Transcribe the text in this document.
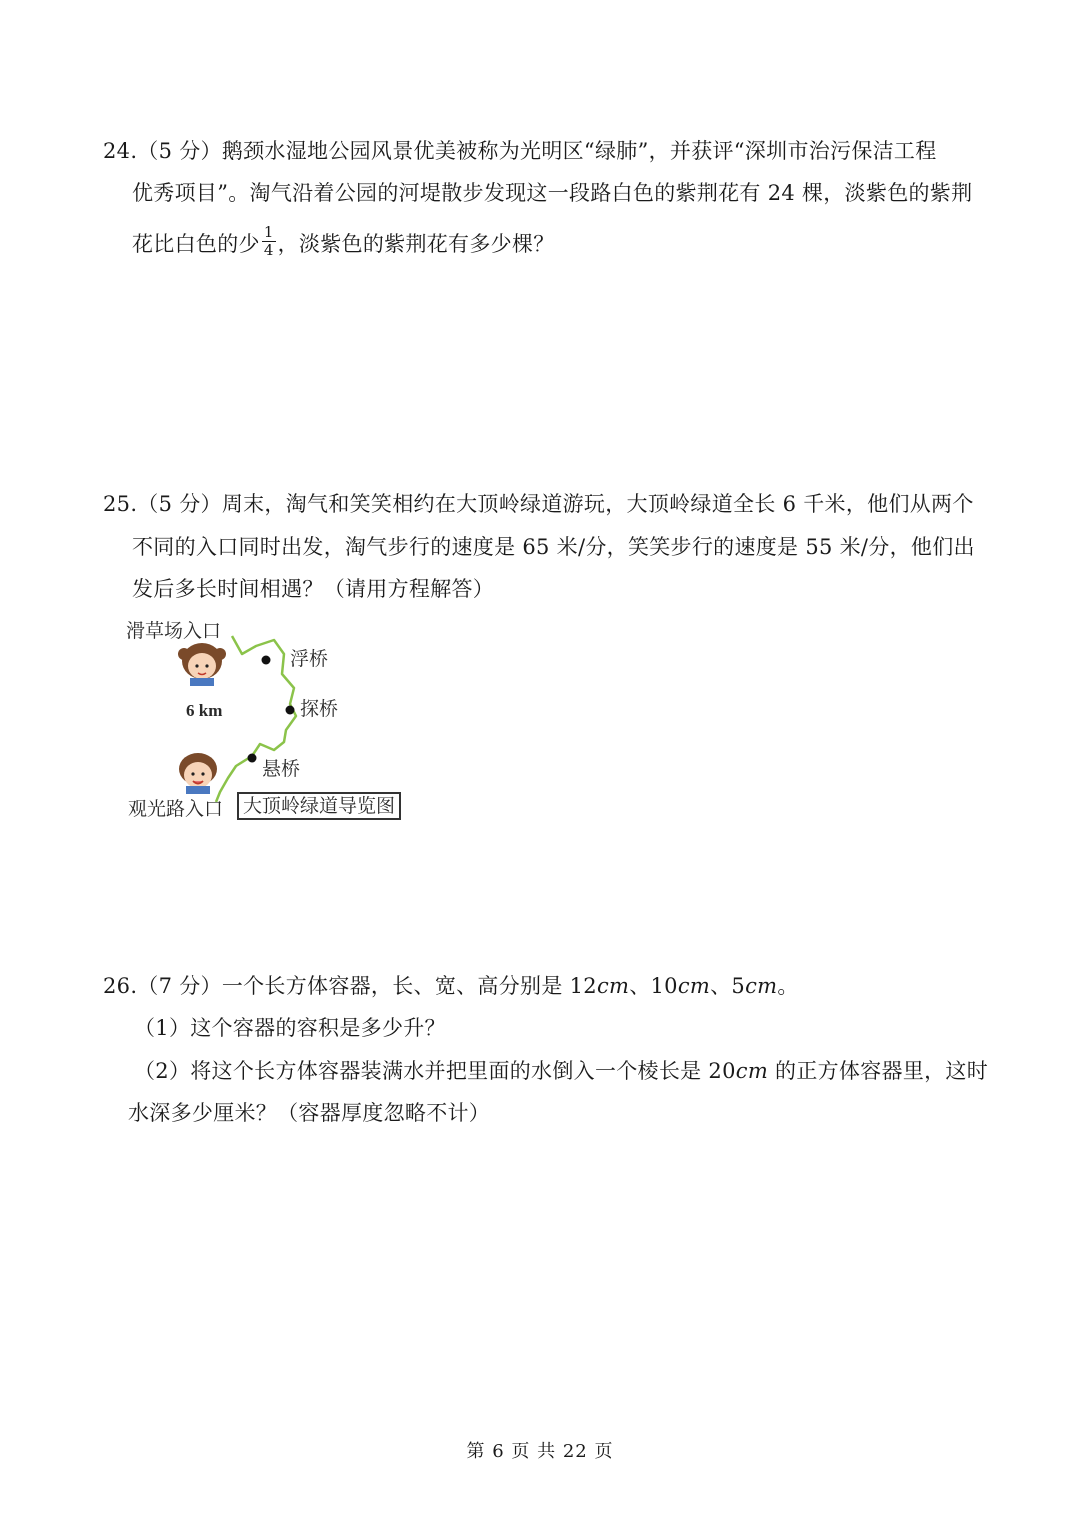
24.（5 分）鹅颈水湿地公园风景优美被称为光明区“绿肺”，并获评“深圳市治污保洁工程
优秀项目”。淘气沿着公园的河堤散步发现这一段路白色的紫荆花有 24 棵，淡紫色的紫荆
花比白色的少 $\frac{1}{4}$ ，淡紫色的紫荆花有多少棵？
25.（5 分）周末，淘气和笑笑相约在大顶岭绿道游玩，大顶岭绿道全长 6 千米，他们从两个
不同的入口同时出发，淘气步行的速度是 65 米/分，笑笑步行的速度是 55 米/分，他们出
发后多长时间相遇？（请用方程解答）
滑草场入口
浮桥
探桥
6 km
悬桥
观光路入口	大顶岭绿道导览图
26.（7 分）一个长方体容器，长、宽、高分别是 12cm、10cm、5cm。
（1）这个容器的容积是多少升？
（2）将这个长方体容器装满水并把里面的水倒入一个棱长是 20cm 的正方体容器里，这时
水深多少厘米？（容器厚度忽略不计）
第 6 页 共 22 页
